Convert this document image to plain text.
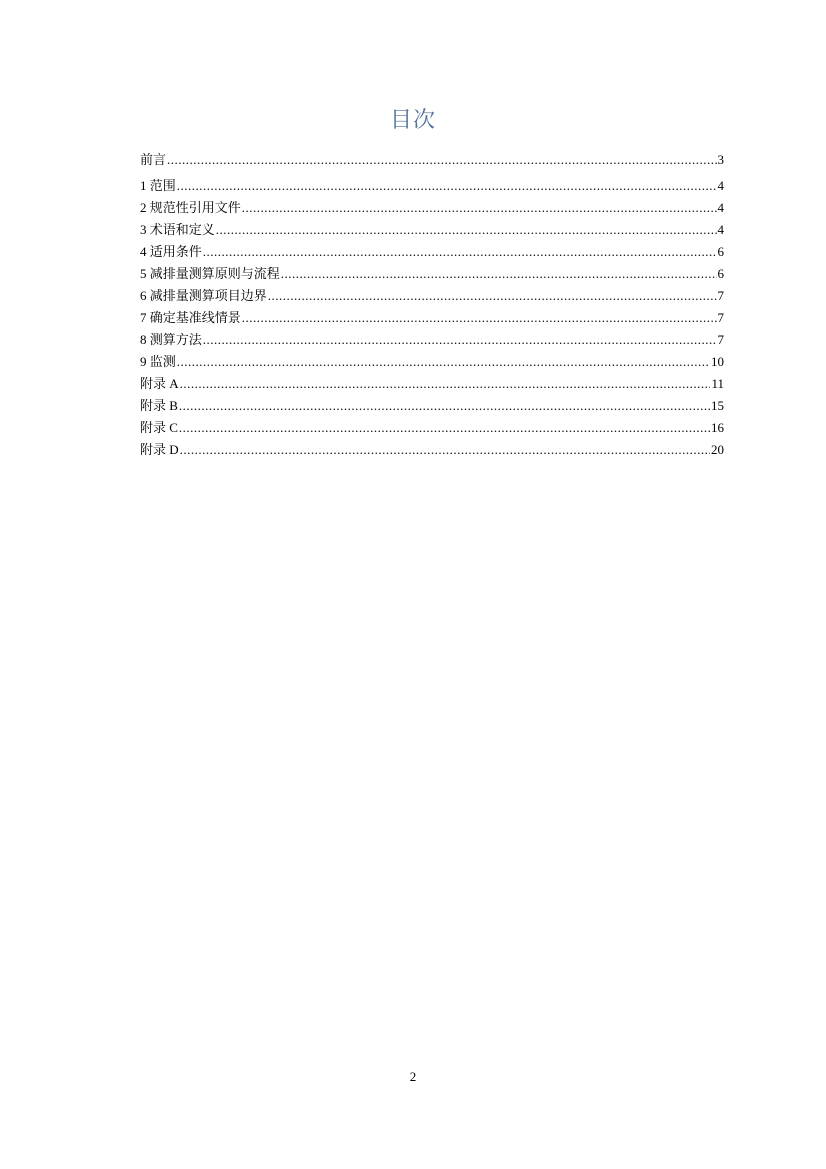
目次
前言 .....	3
1 范围 .....	4
2 规范性引用文件 .....	4
3 术语和定义 .....	4
4 适用条件 .....	6
5 减排量测算原则与流程 .....	6
6 减排量测算项目边界 .....	7
7 确定基准线情景 .....	7
8 测算方法 .....	7
9 监测 .....	10
附录 A .....	11
附录 B .....	15
附录 C .....	16
附录 D .....	20
2
